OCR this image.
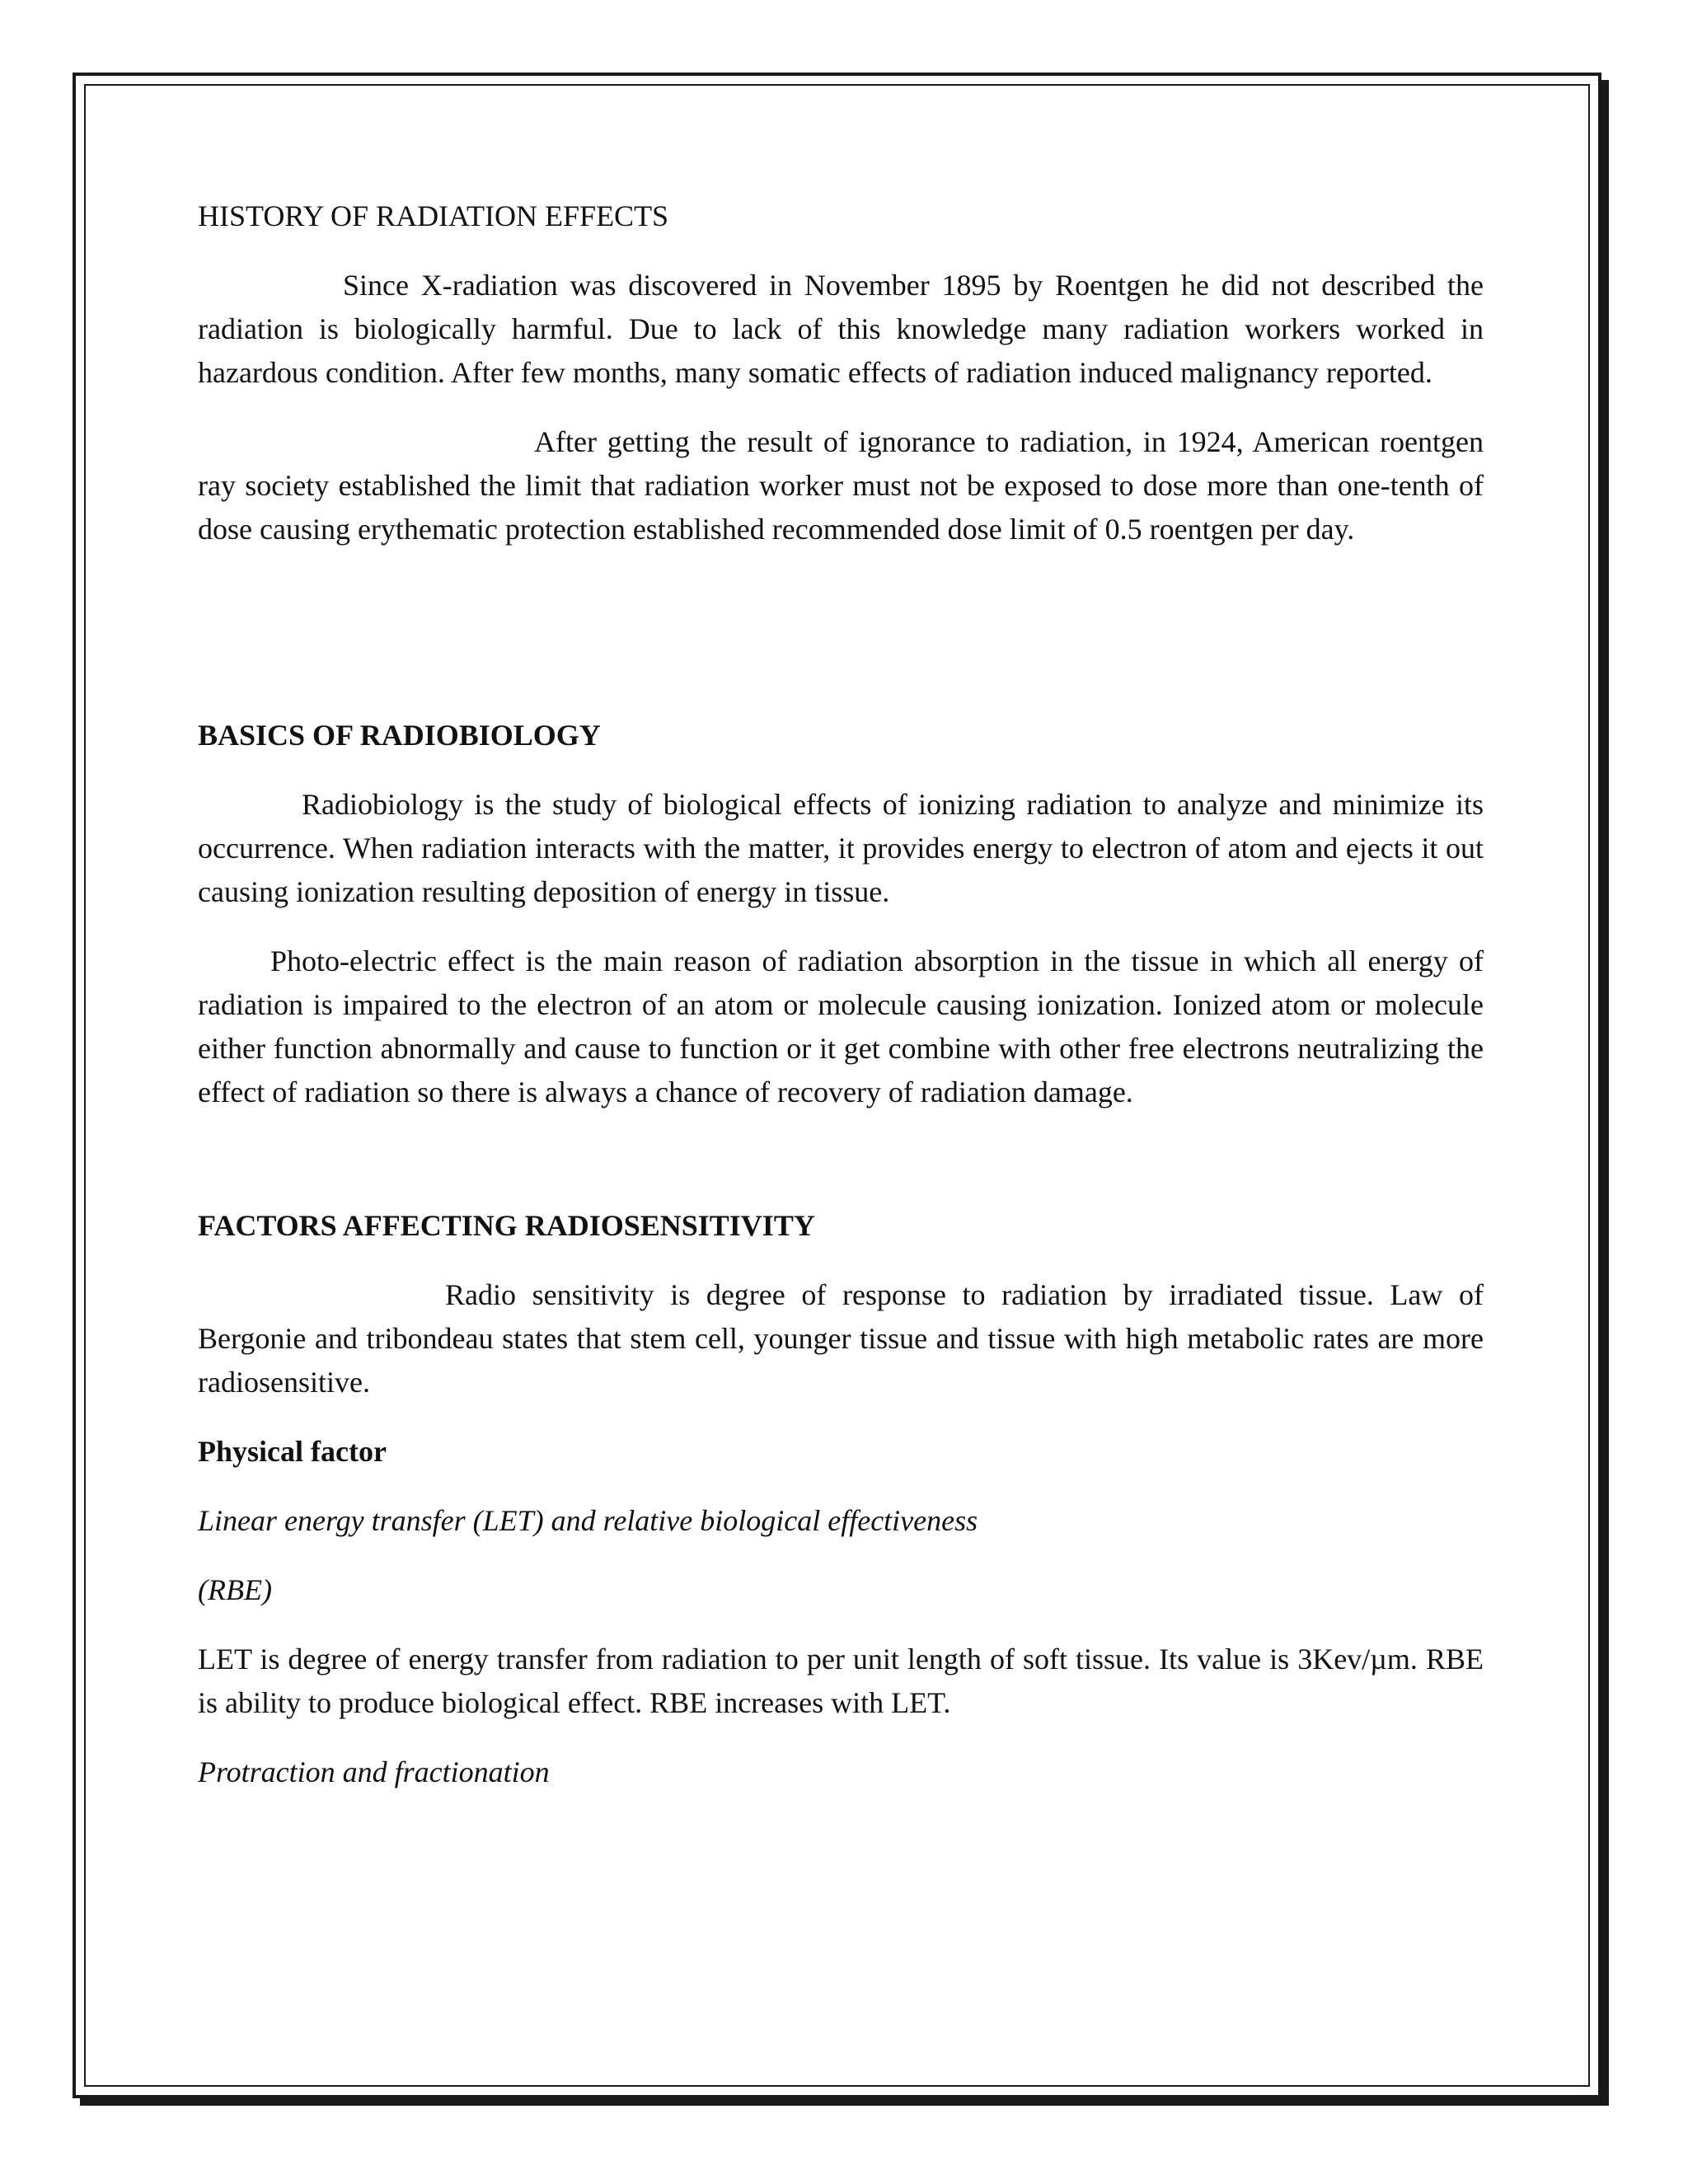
HISTORY OF RADIATION EFFECTS

Since X-radiation was discovered in November 1895 by Roentgen he did not described the radiation is biologically harmful. Due to lack of this knowledge many radiation workers worked in hazardous condition. After few months, many somatic effects of radiation induced malignancy reported.

After getting the result of ignorance to radiation, in 1924, American roentgen ray society established the limit that radiation worker must not be exposed to dose more than one-tenth of dose causing erythematic protection established recommended dose limit of 0.5 roentgen per day.

BASICS OF RADIOBIOLOGY

Radiobiology is the study of biological effects of ionizing radiation to analyze and minimize its occurrence. When radiation interacts with the matter, it provides energy to electron of atom and ejects it out causing ionization resulting deposition of energy in tissue.

Photo-electric effect is the main reason of radiation absorption in the tissue in which all energy of radiation is impaired to the electron of an atom or molecule causing ionization. Ionized atom or molecule either function abnormally and cause to function or it get combine with other free electrons neutralizing the effect of radiation so there is always a chance of recovery of radiation damage.

FACTORS AFFECTING RADIOSENSITIVITY

Radio sensitivity is degree of response to radiation by irradiated tissue. Law of Bergonie and tribondeau states that stem cell, younger tissue and tissue with high metabolic rates are more radiosensitive.

Physical factor

Linear energy transfer (LET) and relative biological effectiveness

(RBE)

LET is degree of energy transfer from radiation to per unit length of soft tissue. Its value is 3Kev/µm. RBE is ability to produce biological effect. RBE increases with LET.

Protraction and fractionation
